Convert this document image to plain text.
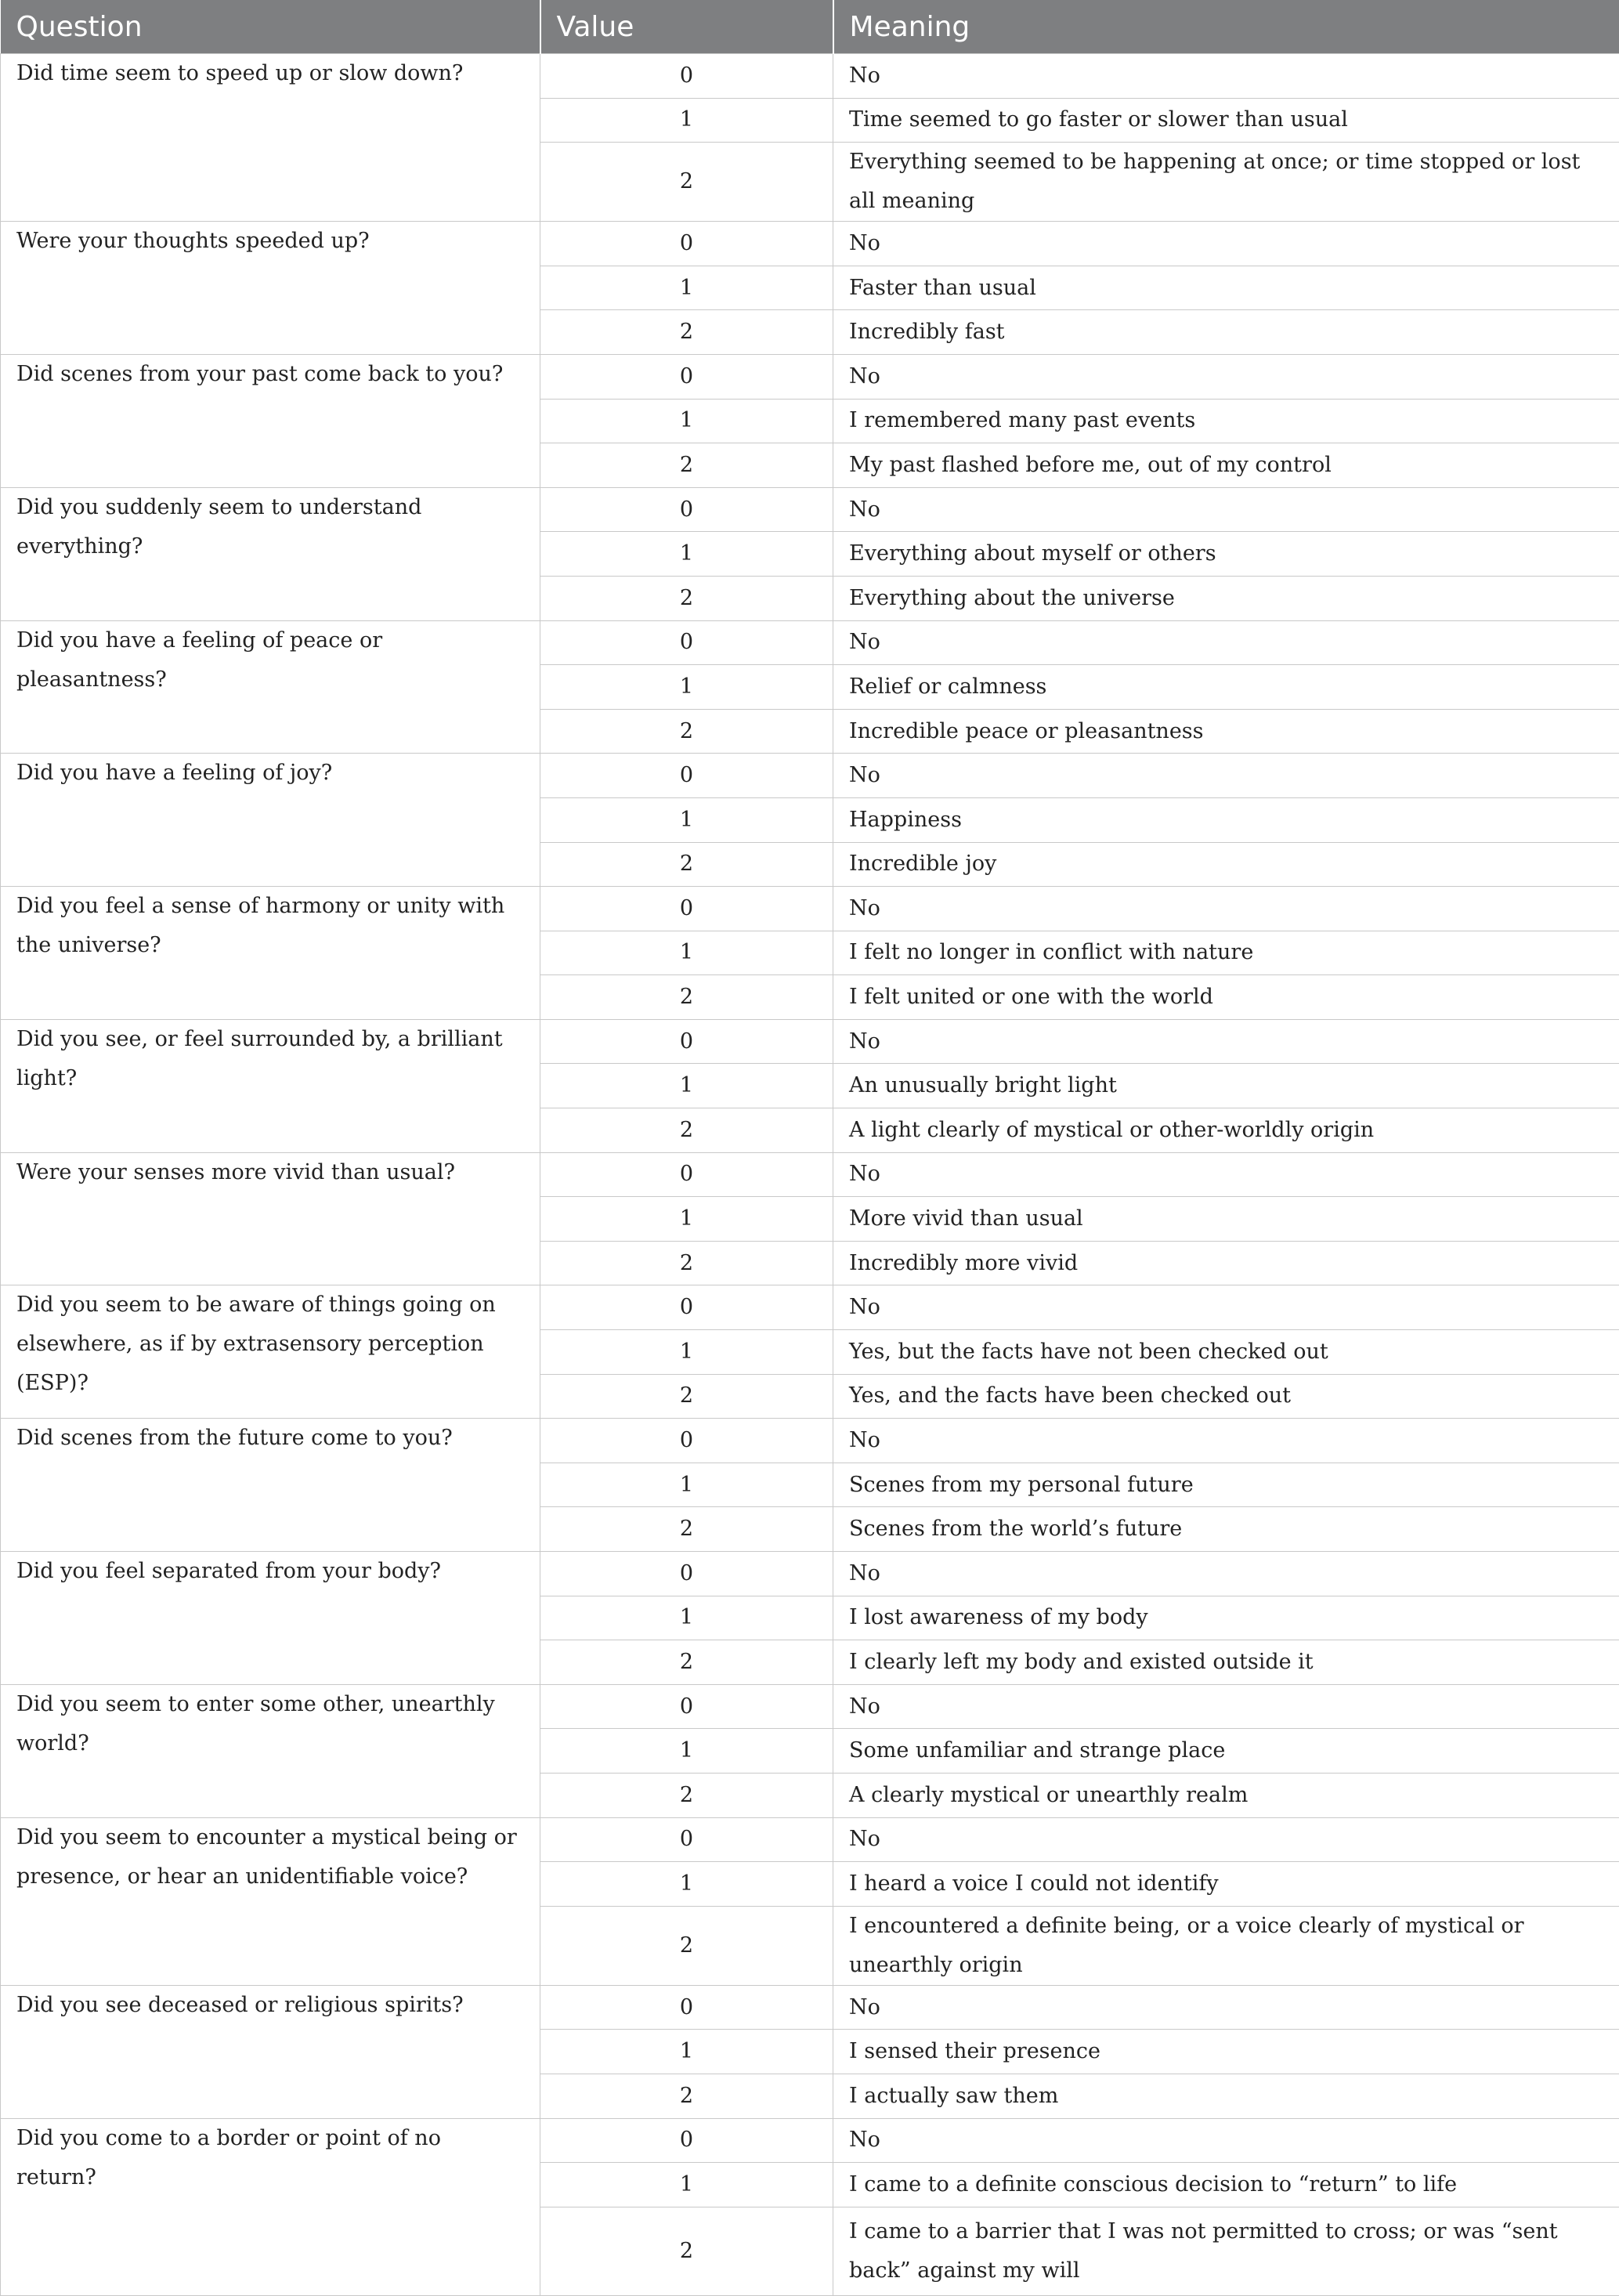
Question	Value	Meaning
Did time seem to speed up or slow down?	0	No
	1	Time seemed to go faster or slower than usual
	2	Everything seemed to be happening at once; or time stopped or lost all meaning
Were your thoughts speeded up?	0	No
	1	Faster than usual
	2	Incredibly fast
Did scenes from your past come back to you?	0	No
	1	I remembered many past events
	2	My past flashed before me, out of my control
Did you suddenly seem to understand everything?	0	No
	1	Everything about myself or others
	2	Everything about the universe
Did you have a feeling of peace or pleasantness?	0	No
	1	Relief or calmness
	2	Incredible peace or pleasantness
Did you have a feeling of joy?	0	No
	1	Happiness
	2	Incredible joy
Did you feel a sense of harmony or unity with the universe?	0	No
	1	I felt no longer in conflict with nature
	2	I felt united or one with the world
Did you see, or feel surrounded by, a brilliant light?	0	No
	1	An unusually bright light
	2	A light clearly of mystical or other-worldly origin
Were your senses more vivid than usual?	0	No
	1	More vivid than usual
	2	Incredibly more vivid
Did you seem to be aware of things going on elsewhere, as if by extrasensory perception (ESP)?	0	No
	1	Yes, but the facts have not been checked out
	2	Yes, and the facts have been checked out
Did scenes from the future come to you?	0	No
	1	Scenes from my personal future
	2	Scenes from the world’s future
Did you feel separated from your body?	0	No
	1	I lost awareness of my body
	2	I clearly left my body and existed outside it
Did you seem to enter some other, unearthly world?	0	No
	1	Some unfamiliar and strange place
	2	A clearly mystical or unearthly realm
Did you seem to encounter a mystical being or presence, or hear an unidentifiable voice?	0	No
	1	I heard a voice I could not identify
	2	I encountered a definite being, or a voice clearly of mystical or unearthly origin
Did you see deceased or religious spirits?	0	No
	1	I sensed their presence
	2	I actually saw them
Did you come to a border or point of no return?	0	No
	1	I came to a definite conscious decision to “return” to life
	2	I came to a barrier that I was not permitted to cross; or was “sent back” against my will
